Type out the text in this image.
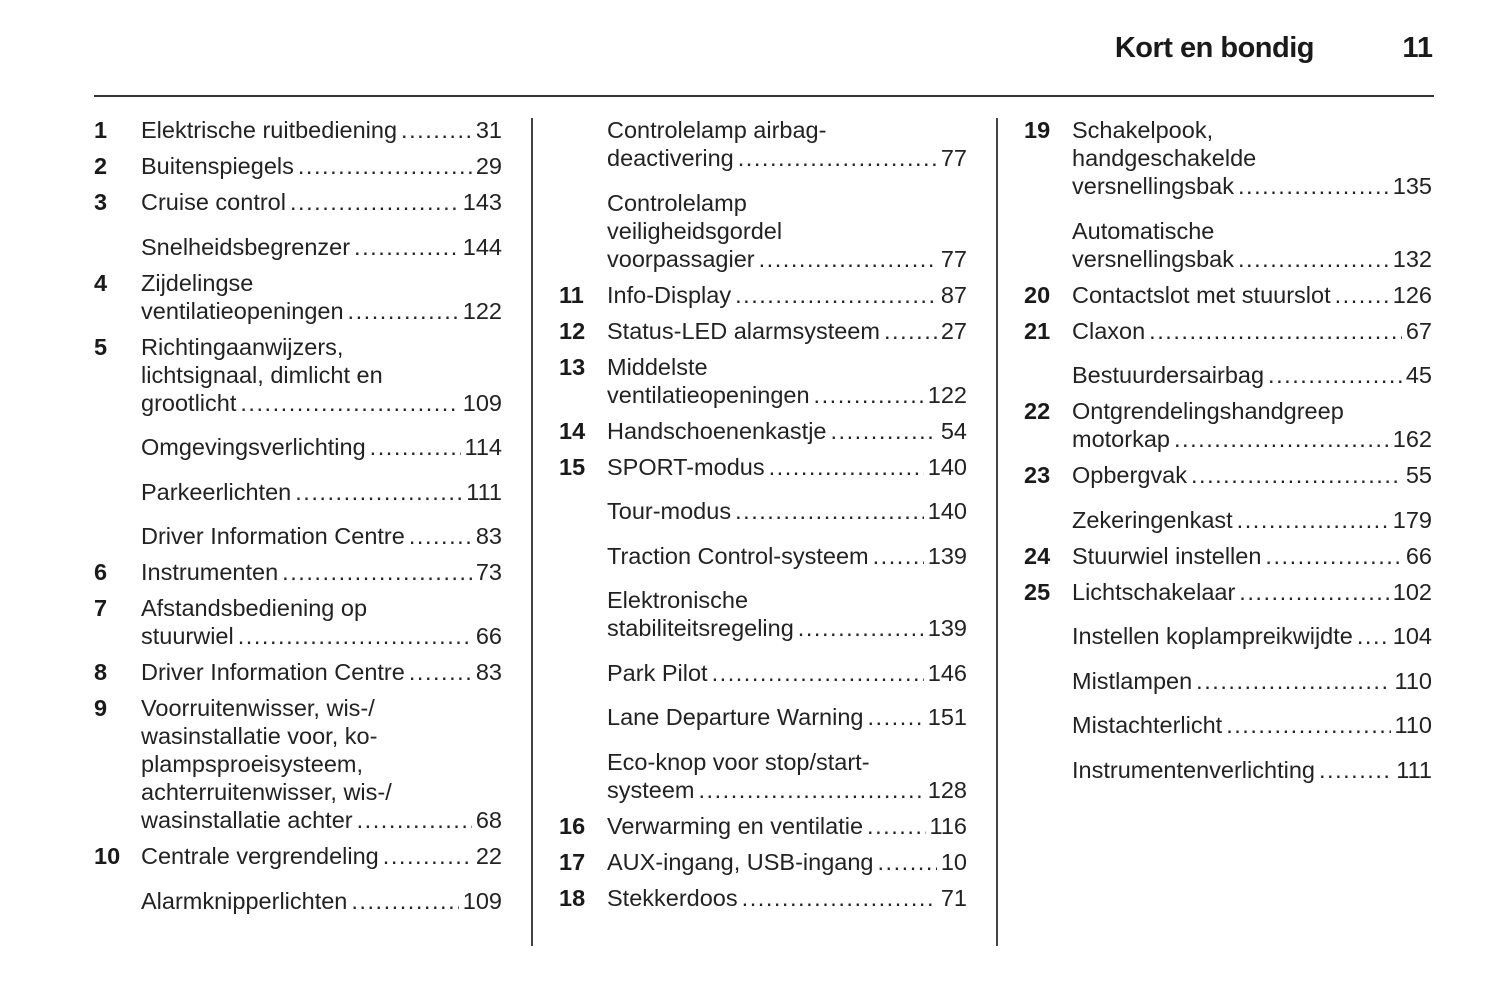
Kort en bondig	11
1 Elektrische ruitbediening . . .	31
2 Buitenspiegels . . .	29
3 Cruise control . . .	143
Snelheidsbegrenzer . . .	144
4 Zijdelingse
ventilatieopeningen . . .	122
5 Richtingaanwijzers,
lichtsignaal, dimlicht en
grootlicht . . .	109
Omgevingsverlichting . . .	114
Parkeerlichten . . .	111
Driver Information Centre . . .	83
6 Instrumenten . . .	73
7 Afstandsbediening op
stuurwiel . . .	66
8 Driver Information Centre . . .	83
9 Voorruitenwisser, wis-/
wasinstallatie voor, ko-
plampsproeisysteem,
achterruitenwisser, wis-/
wasinstallatie achter . . .	68
10 Centrale vergrendeling . . .	22
Alarmknipperlichten . . .	109
Controlelamp airbag-
deactivering . . .	77
Controlelamp
veiligheidsgordel
voorpassagier . . .	77
11 Info-Display . . .	87
12 Status-LED alarmsysteem . . .	27
13 Middelste
ventilatieopeningen . . .	122
14 Handschoenenkastje . . .	54
15 SPORT-modus . . .	140
Tour-modus . . .	140
Traction Control-systeem . . .	139
Elektronische
stabiliteitsregeling . . .	139
Park Pilot . . .	146
Lane Departure Warning . . .	151
Eco-knop voor stop/start-
systeem . . .	128
16 Verwarming en ventilatie . . .	116
17 AUX-ingang, USB-ingang . . .	10
18 Stekkerdoos . . .	71
19 Schakelpook,
handgeschakelde
versnellingsbak . . .	135
Automatische
versnellingsbak . . .	132
20 Contactslot met stuurslot . . .	126
21 Claxon . . .	67
Bestuurdersairbag . . .	45
22 Ontgrendelingshandgreep
motorkap . . .	162
23 Opbergvak . . .	55
Zekeringenkast . . .	179
24 Stuurwiel instellen . . .	66
25 Lichtschakelaar . . .	102
Instellen koplampreikwijdte . . . 104
Mistlampen . . .	110
Mistachterlicht . . .	110
Instrumentenverlichting . . .	111
